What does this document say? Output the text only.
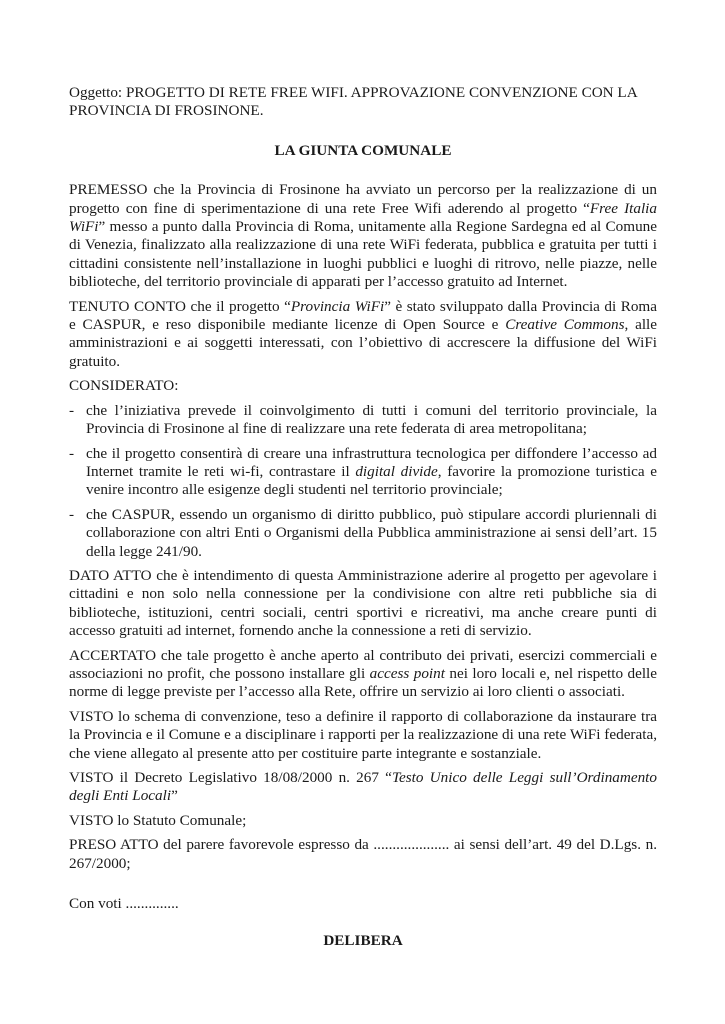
Oggetto: PROGETTO DI RETE FREE WIFI. APPROVAZIONE CONVENZIONE CON LA PROVINCIA DI FROSINONE.

LA GIUNTA COMUNALE

PREMESSO che la Provincia di Frosinone ha avviato un percorso per la realizzazione di un progetto con fine di sperimentazione di una rete Free Wifi aderendo al progetto “Free Italia WiFi” messo a punto dalla Provincia di Roma, unitamente alla Regione Sardegna ed al Comune di Venezia, finalizzato alla realizzazione di una rete WiFi federata, pubblica e gratuita per tutti i cittadini consistente nell’installazione in luoghi pubblici e luoghi di ritrovo, nelle piazze, nelle biblioteche, del territorio provinciale di apparati per l’accesso gratuito ad Internet.

TENUTO CONTO che il progetto “Provincia WiFi” è stato sviluppato dalla Provincia di Roma e CASPUR, e reso disponibile mediante licenze di Open Source e Creative Commons, alle amministrazioni e ai soggetti interessati, con l’obiettivo di accrescere la diffusione del WiFi gratuito.

CONSIDERATO:

- che l’iniziativa prevede il coinvolgimento di tutti i comuni del territorio provinciale, la Provincia di Frosinone al fine di realizzare una rete federata di area metropolitana;
- che il progetto consentirà di creare una infrastruttura tecnologica per diffondere l’accesso ad Internet tramite le reti wi-fi, contrastare il digital divide, favorire la promozione turistica e venire incontro alle esigenze degli studenti nel territorio provinciale;
- che CASPUR, essendo un organismo di diritto pubblico, può stipulare accordi pluriennali di collaborazione con altri Enti o Organismi della Pubblica amministrazione ai sensi dell’art. 15 della legge 241/90.

DATO ATTO che è intendimento di questa Amministrazione aderire al progetto per agevolare i cittadini e non solo nella connessione per la condivisione con altre reti pubbliche sia di biblioteche, istituzioni, centri sociali, centri sportivi e ricreativi, ma anche creare punti di accesso gratuiti ad internet, fornendo anche la connessione a reti di servizio.

ACCERTATO che tale progetto è anche aperto al contributo dei privati, esercizi commerciali e associazioni no profit, che possono installare gli access point nei loro locali e, nel rispetto delle norme di legge previste per l’accesso alla Rete, offrire un servizio ai loro clienti o associati.

VISTO lo schema di convenzione, teso a definire il rapporto di collaborazione da instaurare tra la Provincia e il Comune e a disciplinare i rapporti per la realizzazione di una rete WiFi federata, che viene allegato al presente atto per costituire parte integrante e sostanziale.

VISTO il Decreto Legislativo 18/08/2000 n. 267 “Testo Unico delle Leggi sull’Ordinamento degli Enti Locali”

VISTO lo Statuto Comunale;

PRESO ATTO del parere favorevole espresso da .................... ai sensi dell’art. 49 del D.Lgs. n. 267/2000;

Con voti ..............

DELIBERA
